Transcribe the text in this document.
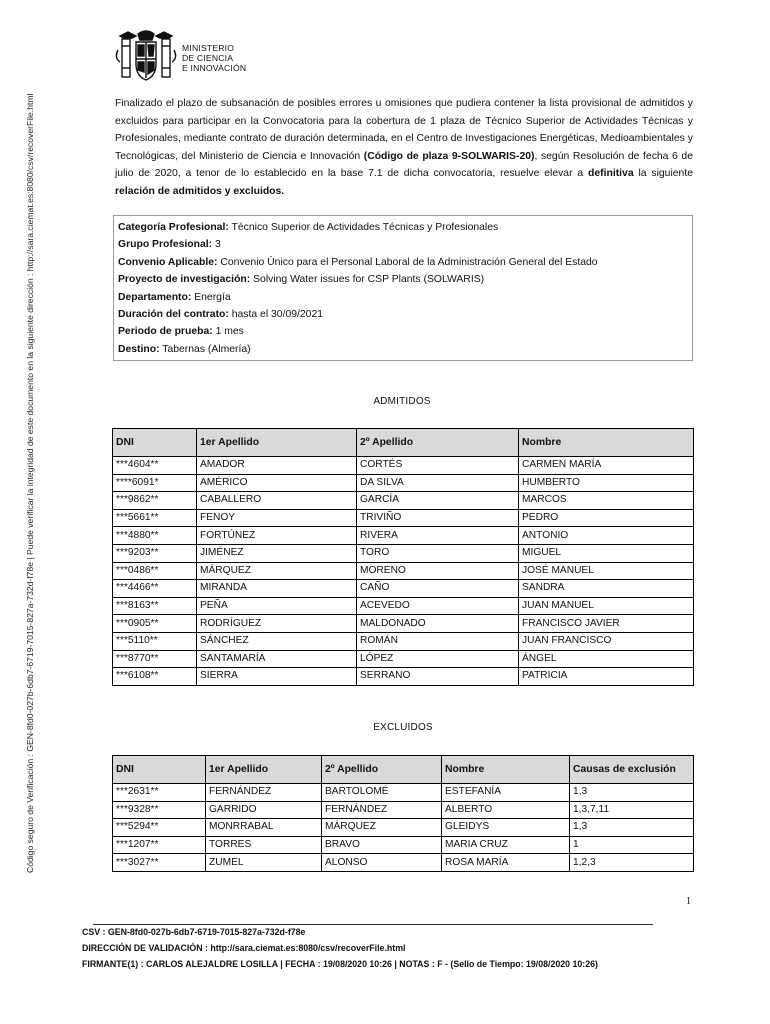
Código seguro de Verificación : GEN-8fd0-027b-6db7-6719-7015-827a-732d-f78e | Puede verificar la integridad de este documento en la siguiente dirección : http://sara.ciemat.es:8080/csv/recoverFile.html
MINISTERIO
DE CIENCIA
E INNOVACIÓN

Finalizado el plazo de subsanación de posibles errores u omisiones que pudiera contener la lista provisional de admitidos y excluidos para participar en la Convocatoria para la cobertura de 1 plaza de Técnico Superior de Actividades Técnicas y Profesionales, mediante contrato de duración determinada, en el Centro de Investigaciones Energéticas, Medioambientales y Tecnológicas, del Ministerio de Ciencia e Innovación (Código de plaza 9-SOLWARIS-20), según Resolución de fecha 6 de julio de 2020, a tenor de lo establecido en la base 7.1 de dicha convocatoria, resuelve elevar a definitiva la siguiente relación de admitidos y excluidos.

Categoría Profesional: Técnico Superior de Actividades Técnicas y Profesionales
Grupo Profesional: 3
Convenio Aplicable: Convenio Único para el Personal Laboral de la Administración General del Estado
Proyecto de investigación: Solving Water issues for CSP Plants (SOLWARIS)
Departamento: Energía
Duración del contrato: hasta el 30/09/2021
Periodo de prueba: 1 mes
Destino: Tabernas (Almería)
ADMITIDOS
DNI	1er Apellido	2º Apellido	Nombre
***4604**	AMADOR	CORTÉS	CARMEN MARÍA
****6091*	AMÉRICO	DA SILVA	HUMBERTO
***9862**	CABALLERO	GARCÍA	MARCOS
***5661**	FENOY	TRIVIÑO	PEDRO
***4880**	FORTÚNEZ	RIVERA	ANTONIO
***9203**	JIMÉNEZ	TORO	MIGUEL
***0486**	MÁRQUEZ	MORENO	JOSÉ MANUEL
***4466**	MIRANDA	CAÑO	SANDRA
***8163**	PEÑA	ACEVEDO	JUAN MANUEL
***0905**	RODRÍGUEZ	MALDONADO	FRANCISCO JAVIER
***5110**	SÁNCHEZ	ROMÁN	JUAN FRANCISCO
***8770**	SANTAMARÍA	LÓPEZ	ÁNGEL
***6108**	SIERRA	SERRANO	PATRICIA
EXCLUIDOS
DNI	1er Apellido	2º Apellido	Nombre	Causas de exclusión
***2631**	FERNÁNDEZ	BARTOLOMÉ	ESTEFANÍA	1,3
***9328**	GARRIDO	FERNÁNDEZ	ALBERTO	1,3,7,11
***5294**	MONRRABAL	MÁRQUEZ	GLEIDYS	1,3
***1207**	TORRES	BRAVO	MARIA CRUZ	1
***3027**	ZUMEL	ALONSO	ROSA MARÍA	1,2,3
1
CSV : GEN-8fd0-027b-6db7-6719-7015-827a-732d-f78e
DIRECCIÓN DE VALIDACIÓN : http://sara.ciemat.es:8080/csv/recoverFile.html
FIRMANTE(1) : CARLOS ALEJALDRE LOSILLA | FECHA : 19/08/2020 10:26 | NOTAS : F - (Sello de Tiempo: 19/08/2020 10:26)
